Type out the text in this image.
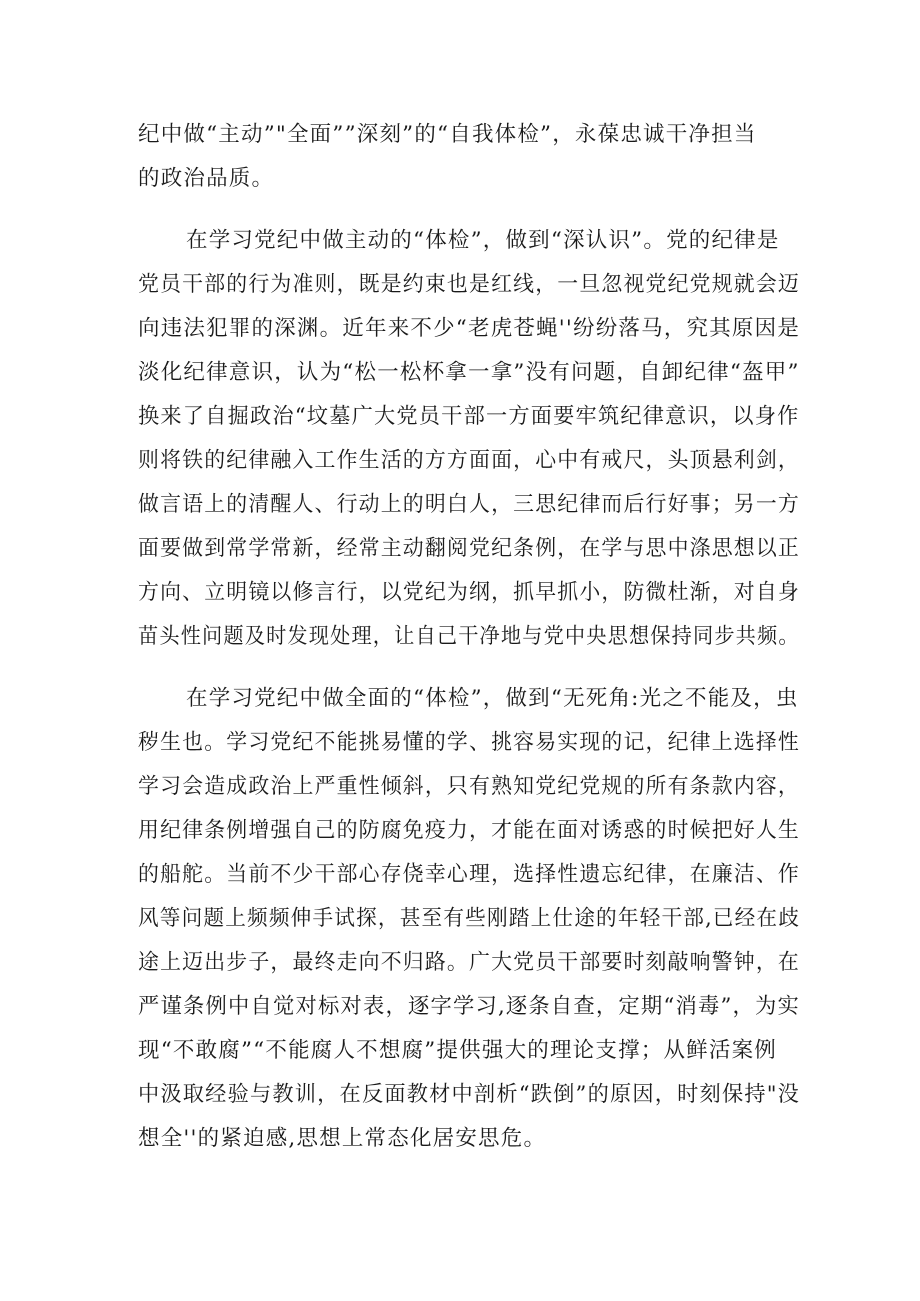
纪中做“主动”"全面””深刻”的“自我体检”，永葆忠诚干净担当

的政治品质。

在学习党纪中做主动的“体检”，做到“深认识”。党的纪律是

党员干部的行为准则，既是约束也是红线，一旦忽视党纪党规就会迈

向违法犯罪的深渊。近年来不少“老虎苍蝇''纷纷落马，究其原因是

淡化纪律意识，认为“松一松杯拿一拿”没有问题，自卸纪律“盔甲”

换来了自掘政治“坟墓广大党员干部一方面要牢筑纪律意识，以身作

则将铁的纪律融入工作生活的方方面面，心中有戒尺，头顶悬利剑，

做言语上的清醒人、行动上的明白人，三思纪律而后行好事；另一方

面要做到常学常新，经常主动翻阅党纪条例，在学与思中涤思想以正

方向、立明镜以修言行，以党纪为纲，抓早抓小，防微杜渐，对自身

苗头性问题及时发现处理，让自己干净地与党中央思想保持同步共频。

在学习党纪中做全面的“体检”，做到“无死角:光之不能及，虫

秽生也。学习党纪不能挑易懂的学、挑容易实现的记，纪律上选择性

学习会造成政治上严重性倾斜，只有熟知党纪党规的所有条款内容，

用纪律条例增强自己的防腐免疫力，才能在面对诱惑的时候把好人生

的船舵。当前不少干部心存侥幸心理，选择性遗忘纪律，在廉洁、作

风等问题上频频伸手试探，甚至有些刚踏上仕途的年轻干部,已经在歧

途上迈出步子，最终走向不归路。广大党员干部要时刻敲响警钟，在

严谨条例中自觉对标对表，逐字学习,逐条自查，定期“消毒”，为实

现“不敢腐”“不能腐人不想腐”提供强大的理论支撑；从鲜活案例

中汲取经验与教训，在反面教材中剖析“跌倒”的原因，时刻保持"没

想全''的紧迫感,思想上常态化居安思危。
